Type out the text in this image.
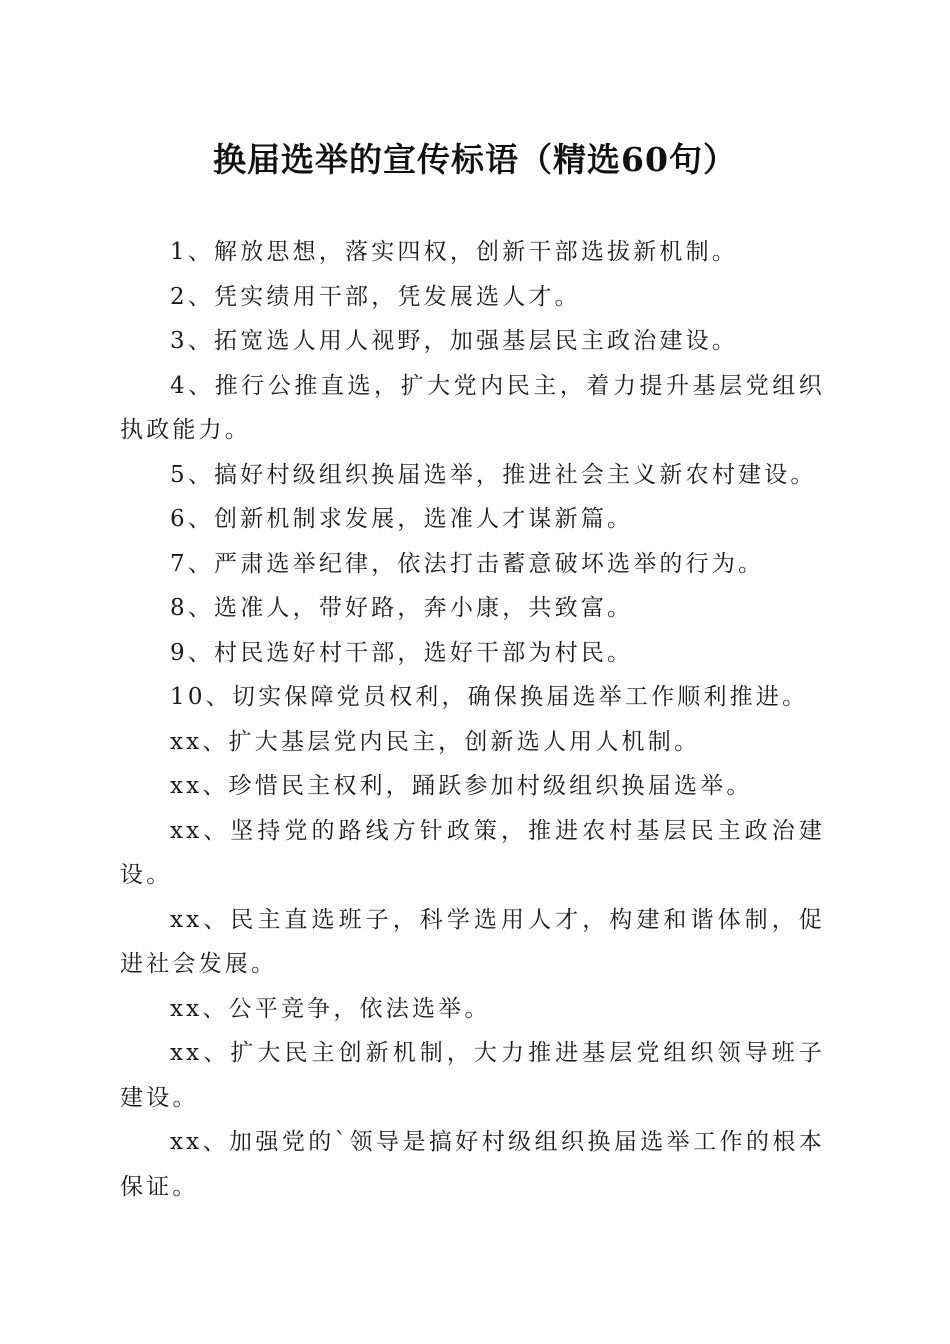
换届选举的宣传标语（精选60句）

1、解放思想，落实四权，创新干部选拔新机制。

2、凭实绩用干部，凭发展选人才。

3、拓宽选人用人视野，加强基层民主政治建设。

4、推行公推直选，扩大党内民主，着力提升基层党组织执政能力。

5、搞好村级组织换届选举，推进社会主义新农村建设。

6、创新机制求发展，选准人才谋新篇。

7、严肃选举纪律，依法打击蓄意破坏选举的行为。

8、选准人，带好路，奔小康，共致富。

9、村民选好村干部，选好干部为村民。

10、切实保障党员权利，确保换届选举工作顺利推进。

xx、扩大基层党内民主，创新选人用人机制。

xx、珍惜民主权利，踊跃参加村级组织换届选举。

xx、坚持党的路线方针政策，推进农村基层民主政治建设。

xx、民主直选班子，科学选用人才，构建和谐体制，促进社会发展。

xx、公平竞争，依法选举。

xx、扩大民主创新机制，大力推进基层党组织领导班子建设。

xx、加强党的`领导是搞好村级组织换届选举工作的根本保证。
